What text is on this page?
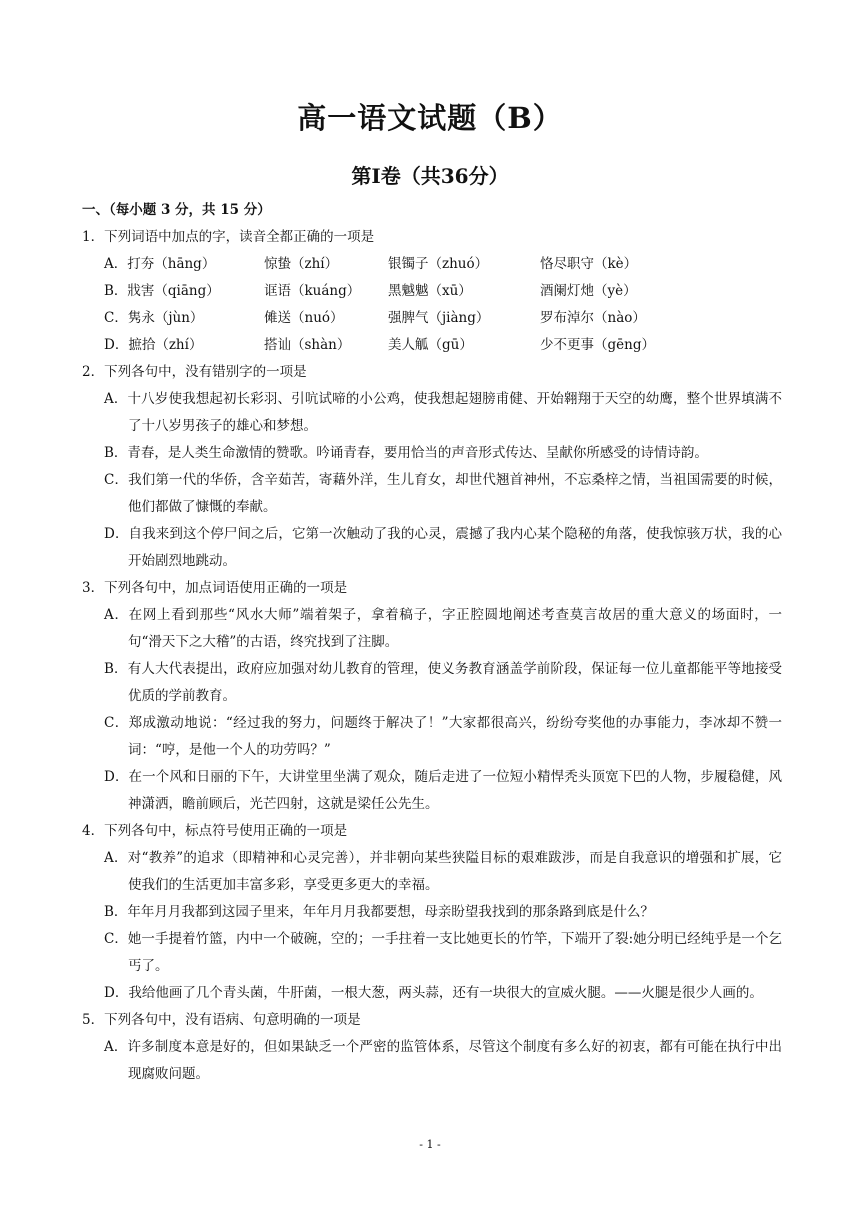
高一语文试题（B）
第Ⅰ卷（共36分）
一、（每小题 3 分，共 15 分）
1．下列词语中加点的字，读音全都正确的一项是
A．打夯（hāng）	惊蛰（zhí）	银镯子（zhuó）	恪尽职守（kè）
B．戕害（qiāng）	诓语（kuáng）	黑魆魆（xū）	酒阑灯灺（yè）
C．隽永（jùn）	傩送（nuó）	强脾气（jiàng）	罗布淖尔（nào）
D．摭拾（zhí）	搭讪（shàn）	美人觚（gū）	少不更事（gēng）
2．下列各句中，没有错别字的一项是
A．十八岁使我想起初长彩羽、引吭试啼的小公鸡，使我想起翅膀甫健、开始翱翔于天空的幼鹰，整个世界填满不了十八岁男孩子的雄心和梦想。
B．青春，是人类生命激情的赞歌。吟诵青春，要用恰当的声音形式传达、呈献你所感受的诗情诗韵。
C．我们第一代的华侨，含辛茹苦，寄藉外洋，生儿育女，却世代翘首神州，不忘桑梓之情，当祖国需要的时候，他们都做了慷慨的奉献。
D．自我来到这个停尸间之后，它第一次触动了我的心灵，震撼了我内心某个隐秘的角落，使我惊骇万状，我的心开始剧烈地跳动。
3．下列各句中，加点词语使用正确的一项是
A．在网上看到那些“风水大师”端着架子，拿着稿子，字正腔圆地阐述考查莫言故居的重大意义的场面时，一句“滑天下之大稽”的古语，终究找到了注脚。
B．有人大代表提出，政府应加强对幼儿教育的管理，使义务教育涵盖学前阶段，保证每一位儿童都能平等地接受优质的学前教育。
C．郑成激动地说：“经过我的努力，问题终于解决了！”大家都很高兴，纷纷夸奖他的办事能力，李冰却不赞一词：“哼，是他一个人的功劳吗？”
D．在一个风和日丽的下午，大讲堂里坐满了观众，随后走进了一位短小精悍秃头顶宽下巴的人物，步履稳健，风神潇洒，瞻前顾后，光芒四射，这就是梁任公先生。
4．下列各句中，标点符号使用正确的一项是
A．对“教养”的追求（即精神和心灵完善），并非朝向某些狭隘目标的艰难跋涉，而是自我意识的增强和扩展，它使我们的生活更加丰富多彩，享受更多更大的幸福。
B．年年月月我都到这园子里来，年年月月我都要想，母亲盼望我找到的那条路到底是什么？
C．她一手提着竹篮，内中一个破碗，空的；一手拄着一支比她更长的竹竿，下端开了裂:她分明已经纯乎是一个乞丐了。
D．我给他画了几个青头菌，牛肝菌，一根大葱，两头蒜，还有一块很大的宣威火腿。——火腿是很少人画的。
5．下列各句中，没有语病、句意明确的一项是
A．许多制度本意是好的，但如果缺乏一个严密的监管体系，尽管这个制度有多么好的初衷，都有可能在执行中出现腐败问题。
- 1 -
